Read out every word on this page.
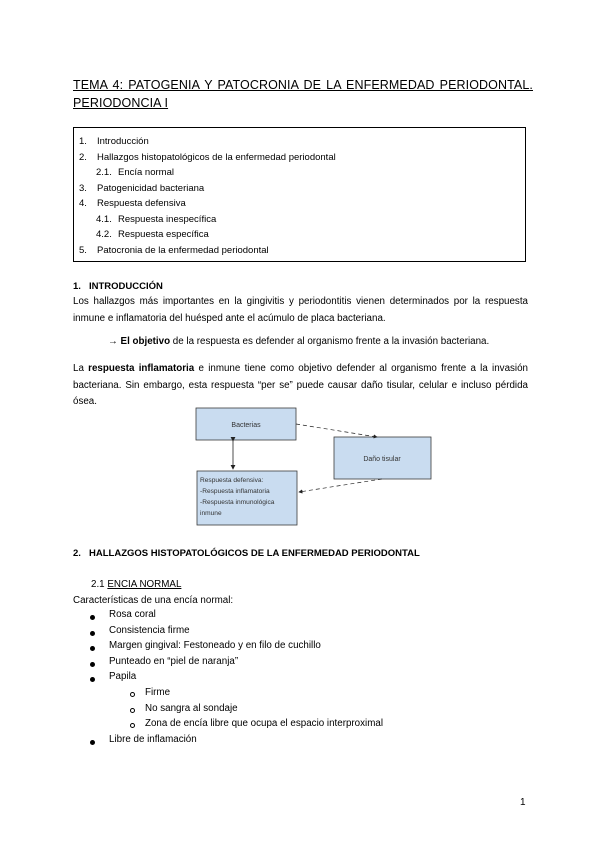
TEMA 4: PATOGENIA Y PATOCRONIA DE LA ENFERMEDAD PERIODONTAL. PERIODONCIA I
1. Introducción
2. Hallazgos histopatológicos de la enfermedad periodontal
2.1. Encía normal
3. Patogenicidad bacteriana
4. Respuesta defensiva
4.1. Respuesta inespecífica
4.2. Respuesta específica
5. Patocronia de la enfermedad periodontal
1. INTRODUCCIÓN
Los hallazgos más importantes en la gingivitis y periodontitis vienen determinados por la respuesta inmune e inflamatoria del huésped ante el acúmulo de placa bacteriana.
→ El objetivo de la respuesta es defender al organismo frente a la invasión bacteriana.
La respuesta inflamatoria e inmune tiene como objetivo defender al organismo frente a la invasión bacteriana. Sin embargo, esta respuesta “per se” puede causar daño tisular, celular e incluso pérdida ósea.
Bacterias
Daño tisular
Respuesta defensiva: -Respuesta inflamatoria -Respuesta inmunológica inmune
2. HALLAZGOS HISTOPATOLÓGICOS DE LA ENFERMEDAD PERIODONTAL
2.1 ENCIA NORMAL
Características de una encía normal:
Rosa coral
Consistencia firme
Margen gingival: Festoneado y en filo de cuchillo
Punteado en “piel de naranja”
Papila
Firme
No sangra al sondaje
Zona de encía libre que ocupa el espacio interproximal
Libre de inflamación
1
